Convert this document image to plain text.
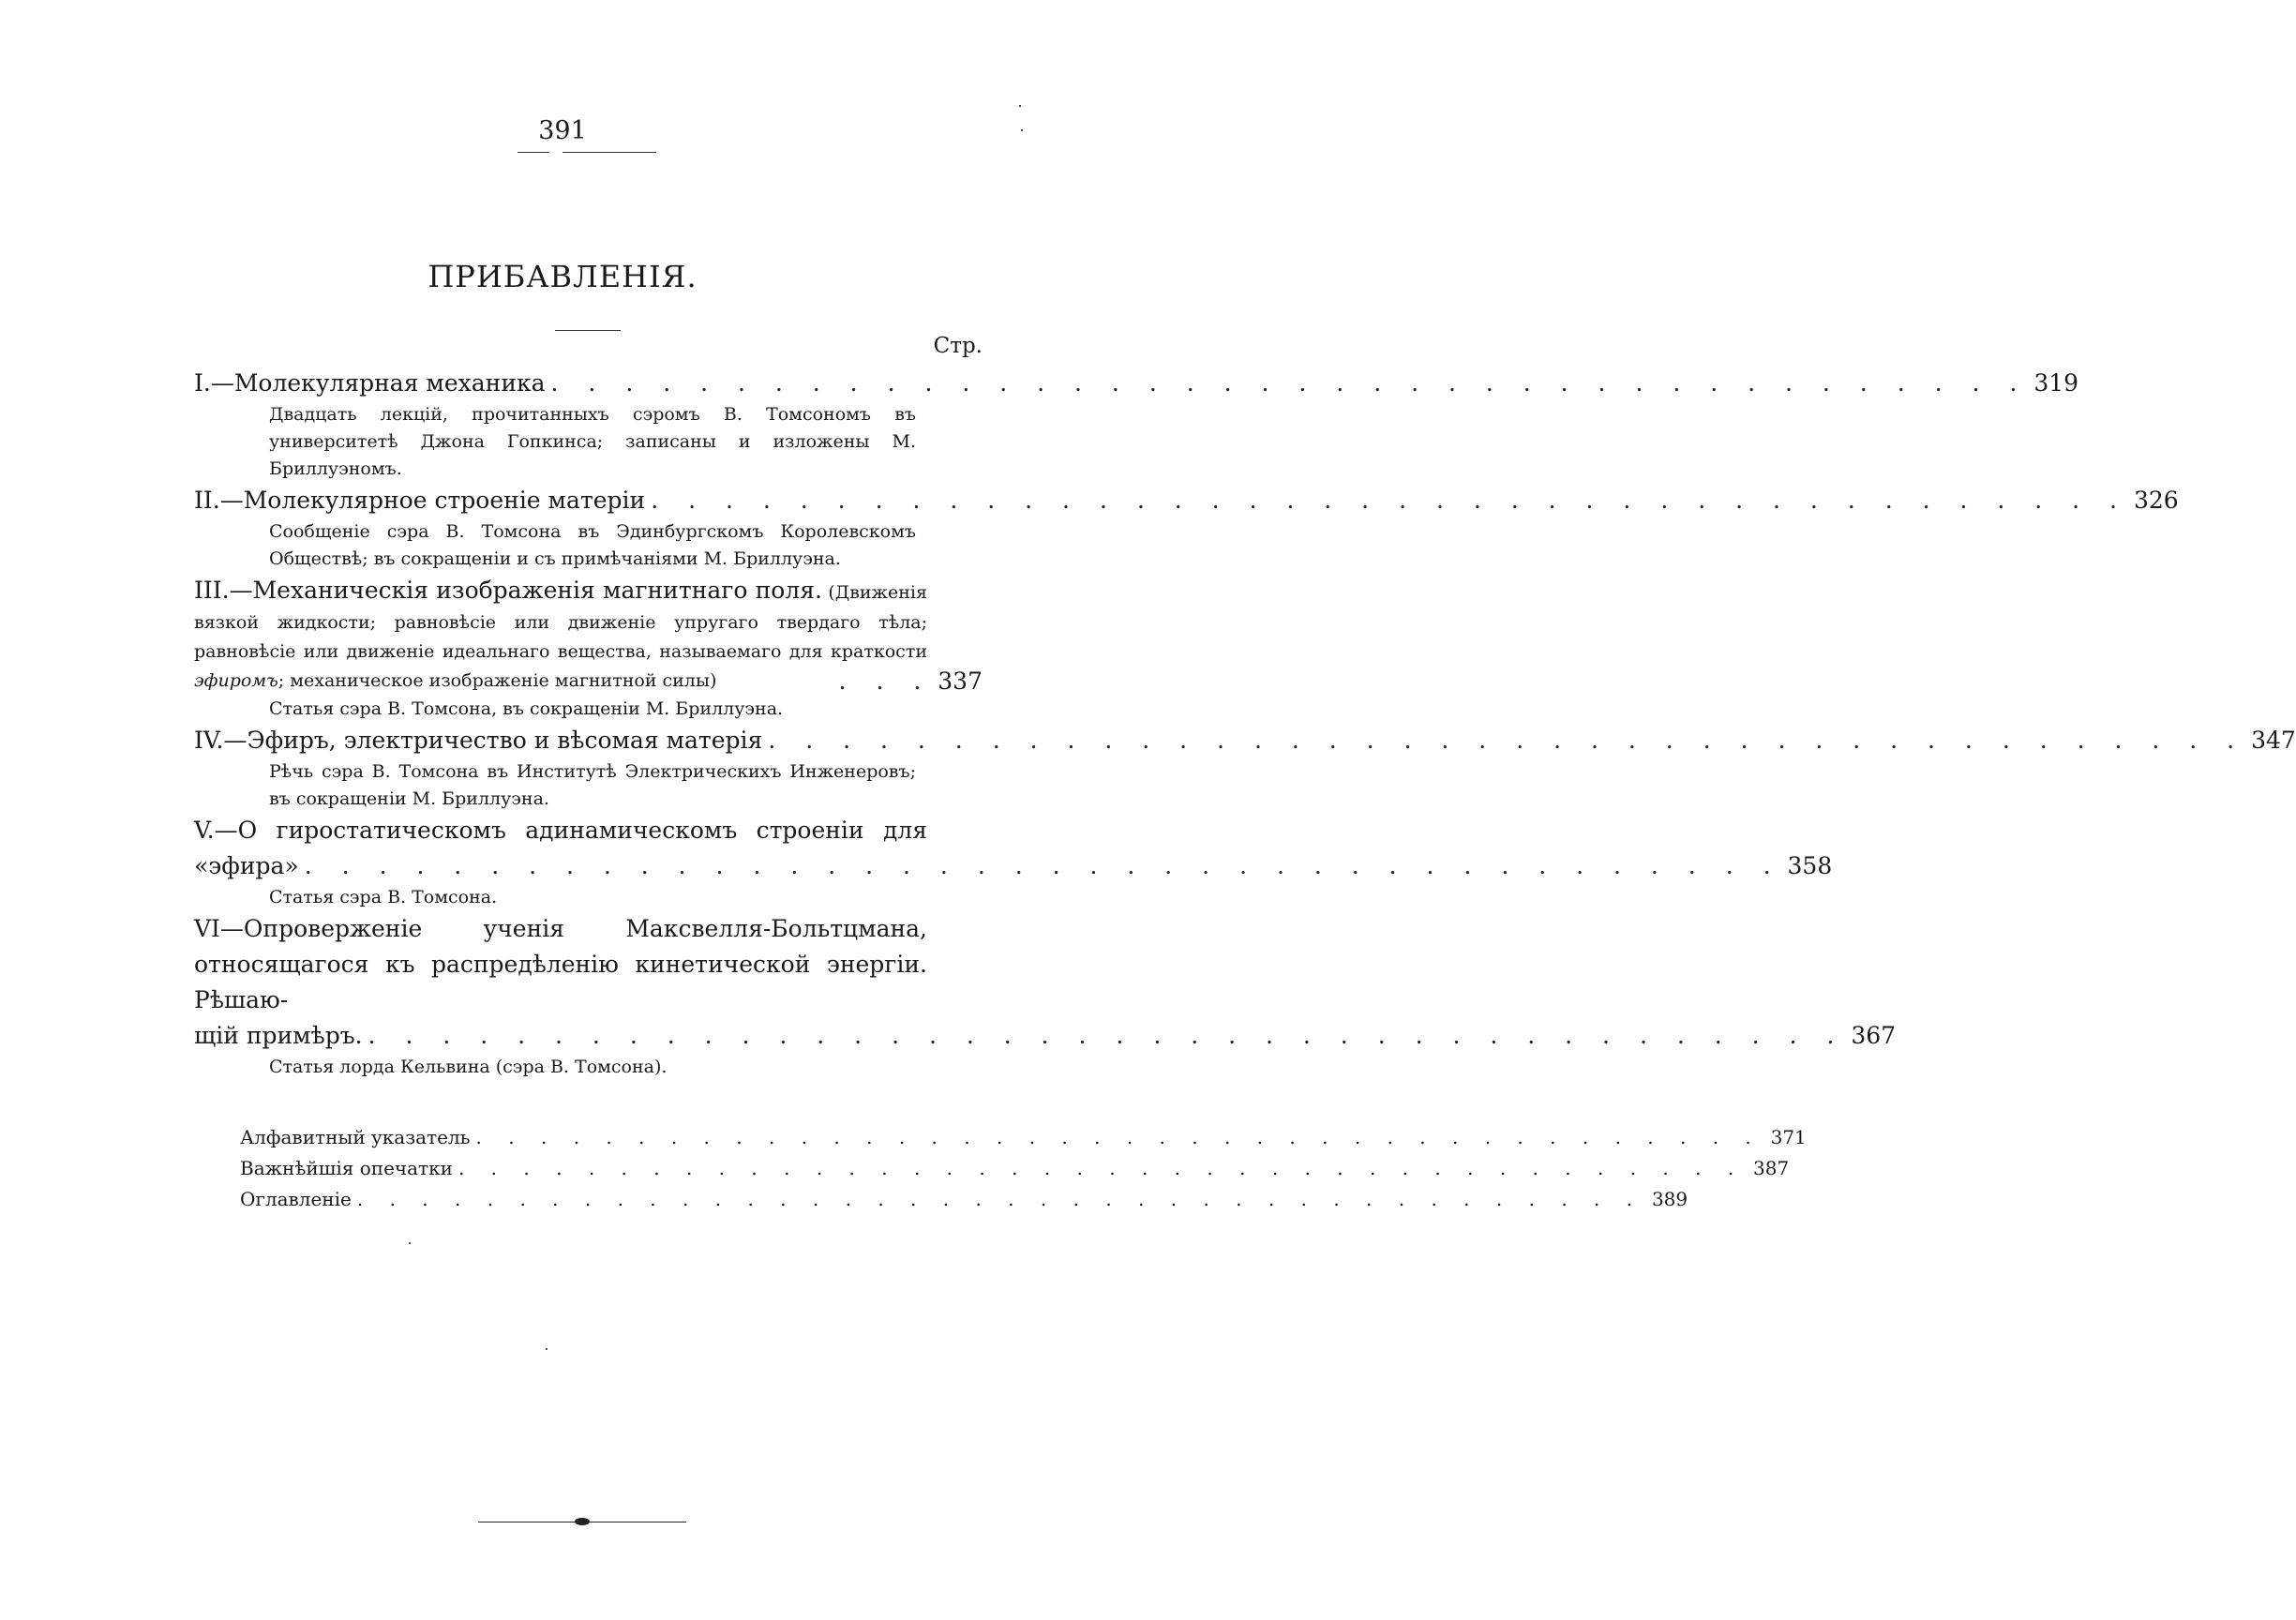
391
ПРИБАВЛЕНІЯ.
Стр.
I.—Молекулярная механика . . . . . . . . . . . . . . . . . . . . . . . . . . . . . . . . . . . . . . . . 319
Двадцать лекцій, прочитанныхъ сэромъ В. Томсономъ въ университетѣ Джона Гопкинса; записаны и изложены М. Бриллуэномъ.
II.—Молекулярное строеніе матеріи . . . . . . . . . . . . . . . . . . . . . . . . . . . . . . . . . . . . . . . . 326
Сообщеніе сэра В. Томсона въ Эдинбургскомъ Королевскомъ Обществѣ; въ сокращеніи и съ примѣчаніями М. Бриллуэна.
III.—Механическія изображенія магнитнаго поля. (Движенія вязкой жидкости; равновѣсіе или движеніе упругаго твердаго тѣла; равновѣсіе или движеніе идеальнаго вещества, называемаго для краткости эфиромъ; механическое изображеніе магнитной силы)	. . . 337
Статья сэра В. Томсона, въ сокращеніи М. Бриллуэна.
IV.—Эфиръ, электричество и вѣсомая матерія . . . . . . . . . . . . . . . . . . . . . . . . . . . . . . . . . . . . . . . . 347
Рѣчь сэра В. Томсона въ Институтѣ Электрическихъ Инженеровъ; въ сокращеніи М. Бриллуэна.
V.—О гиростатическомъ адинамическомъ строеніи для
«эфира» . . . . . . . . . . . . . . . . . . . . . . . . . . . . . . . . . . . . . . . . 358
Статья сэра В. Томсона.
VI—Опроверженіе ученія Максвелля-Больтцмана, относящагося къ распредѣленію кинетической энергіи. Рѣшаю-
щій примѣръ. . . . . . . . . . . . . . . . . . . . . . . . . . . . . . . . . . . . . . . . . 367
Статья лорда Кельвина (сэра В. Томсона).
Алфавитный указатель . . . . . . . . . . . . . . . . . . . . . . . . . . . . . . . . . . . . . . . . 371
Важнѣйшія опечатки . . . . . . . . . . . . . . . . . . . . . . . . . . . . . . . . . . . . . . . . 387
Оглавленіе . . . . . . . . . . . . . . . . . . . . . . . . . . . . . . . . . . . . . . . . 389
